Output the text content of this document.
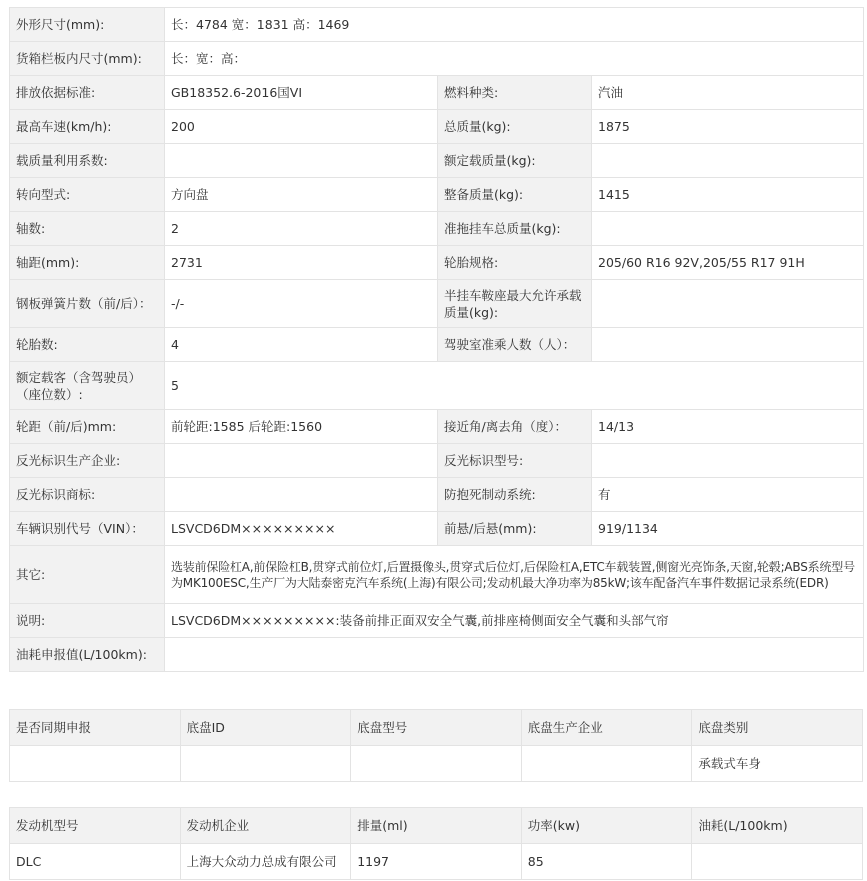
外形尺寸(mm):	长：4784 宽：1831 高：1469		
货箱栏板内尺寸(mm):	长：宽：高：		
排放依据标准:	GB18352.6-2016国VI	燃料种类:	汽油
最高车速(km/h):	200	总质量(kg):	1875
载质量利用系数:		额定载质量(kg):	
转向型式:	方向盘	整备质量(kg):	1415
轴数:	2	准拖挂车总质量(kg):	
轴距(mm):	2731	轮胎规格:	205/60 R16 92V,205/55 R17 91H
钢板弹簧片数（前/后）：	-/-	半挂车鞍座最大允许承载质量(kg):	
轮胎数:	4	驾驶室准乘人数（人）：	
额定载客（含驾驶员）（座位数）:	5		
轮距（前/后)mm:	前轮距:1585 后轮距:1560	接近角/离去角（度）：	14/13
反光标识生产企业:		反光标识型号:	
反光标识商标:		防抱死制动系统:	有
车辆识别代号（VIN）：	LSVCD6DM×××××××××	前悬/后悬(mm):	919/1134
其它:	选装前保险杠A,前保险杠B,贯穿式前位灯,后置摄像头,贯穿式后位灯,后保险杠A,ETC车载装置,侧窗光亮饰条,天窗,轮毂;ABS系统型号为MK100ESC,生产厂为大陆泰密克汽车系统(上海)有限公司;发动机最大净功率为85kW;该车配备汽车事件数据记录系统(EDR)		
说明:	LSVCD6DM×××××××××:装备前排正面双安全气囊,前排座椅侧面安全气囊和头部气帘		
油耗申报值(L/100km):			
是否同期申报	底盘ID	底盘型号	底盘生产企业	底盘类别
				承载式车身
发动机型号	发动机企业	排量(ml)	功率(kw)	油耗(L/100km)
DLC	上海大众动力总成有限公司	1197	85	
